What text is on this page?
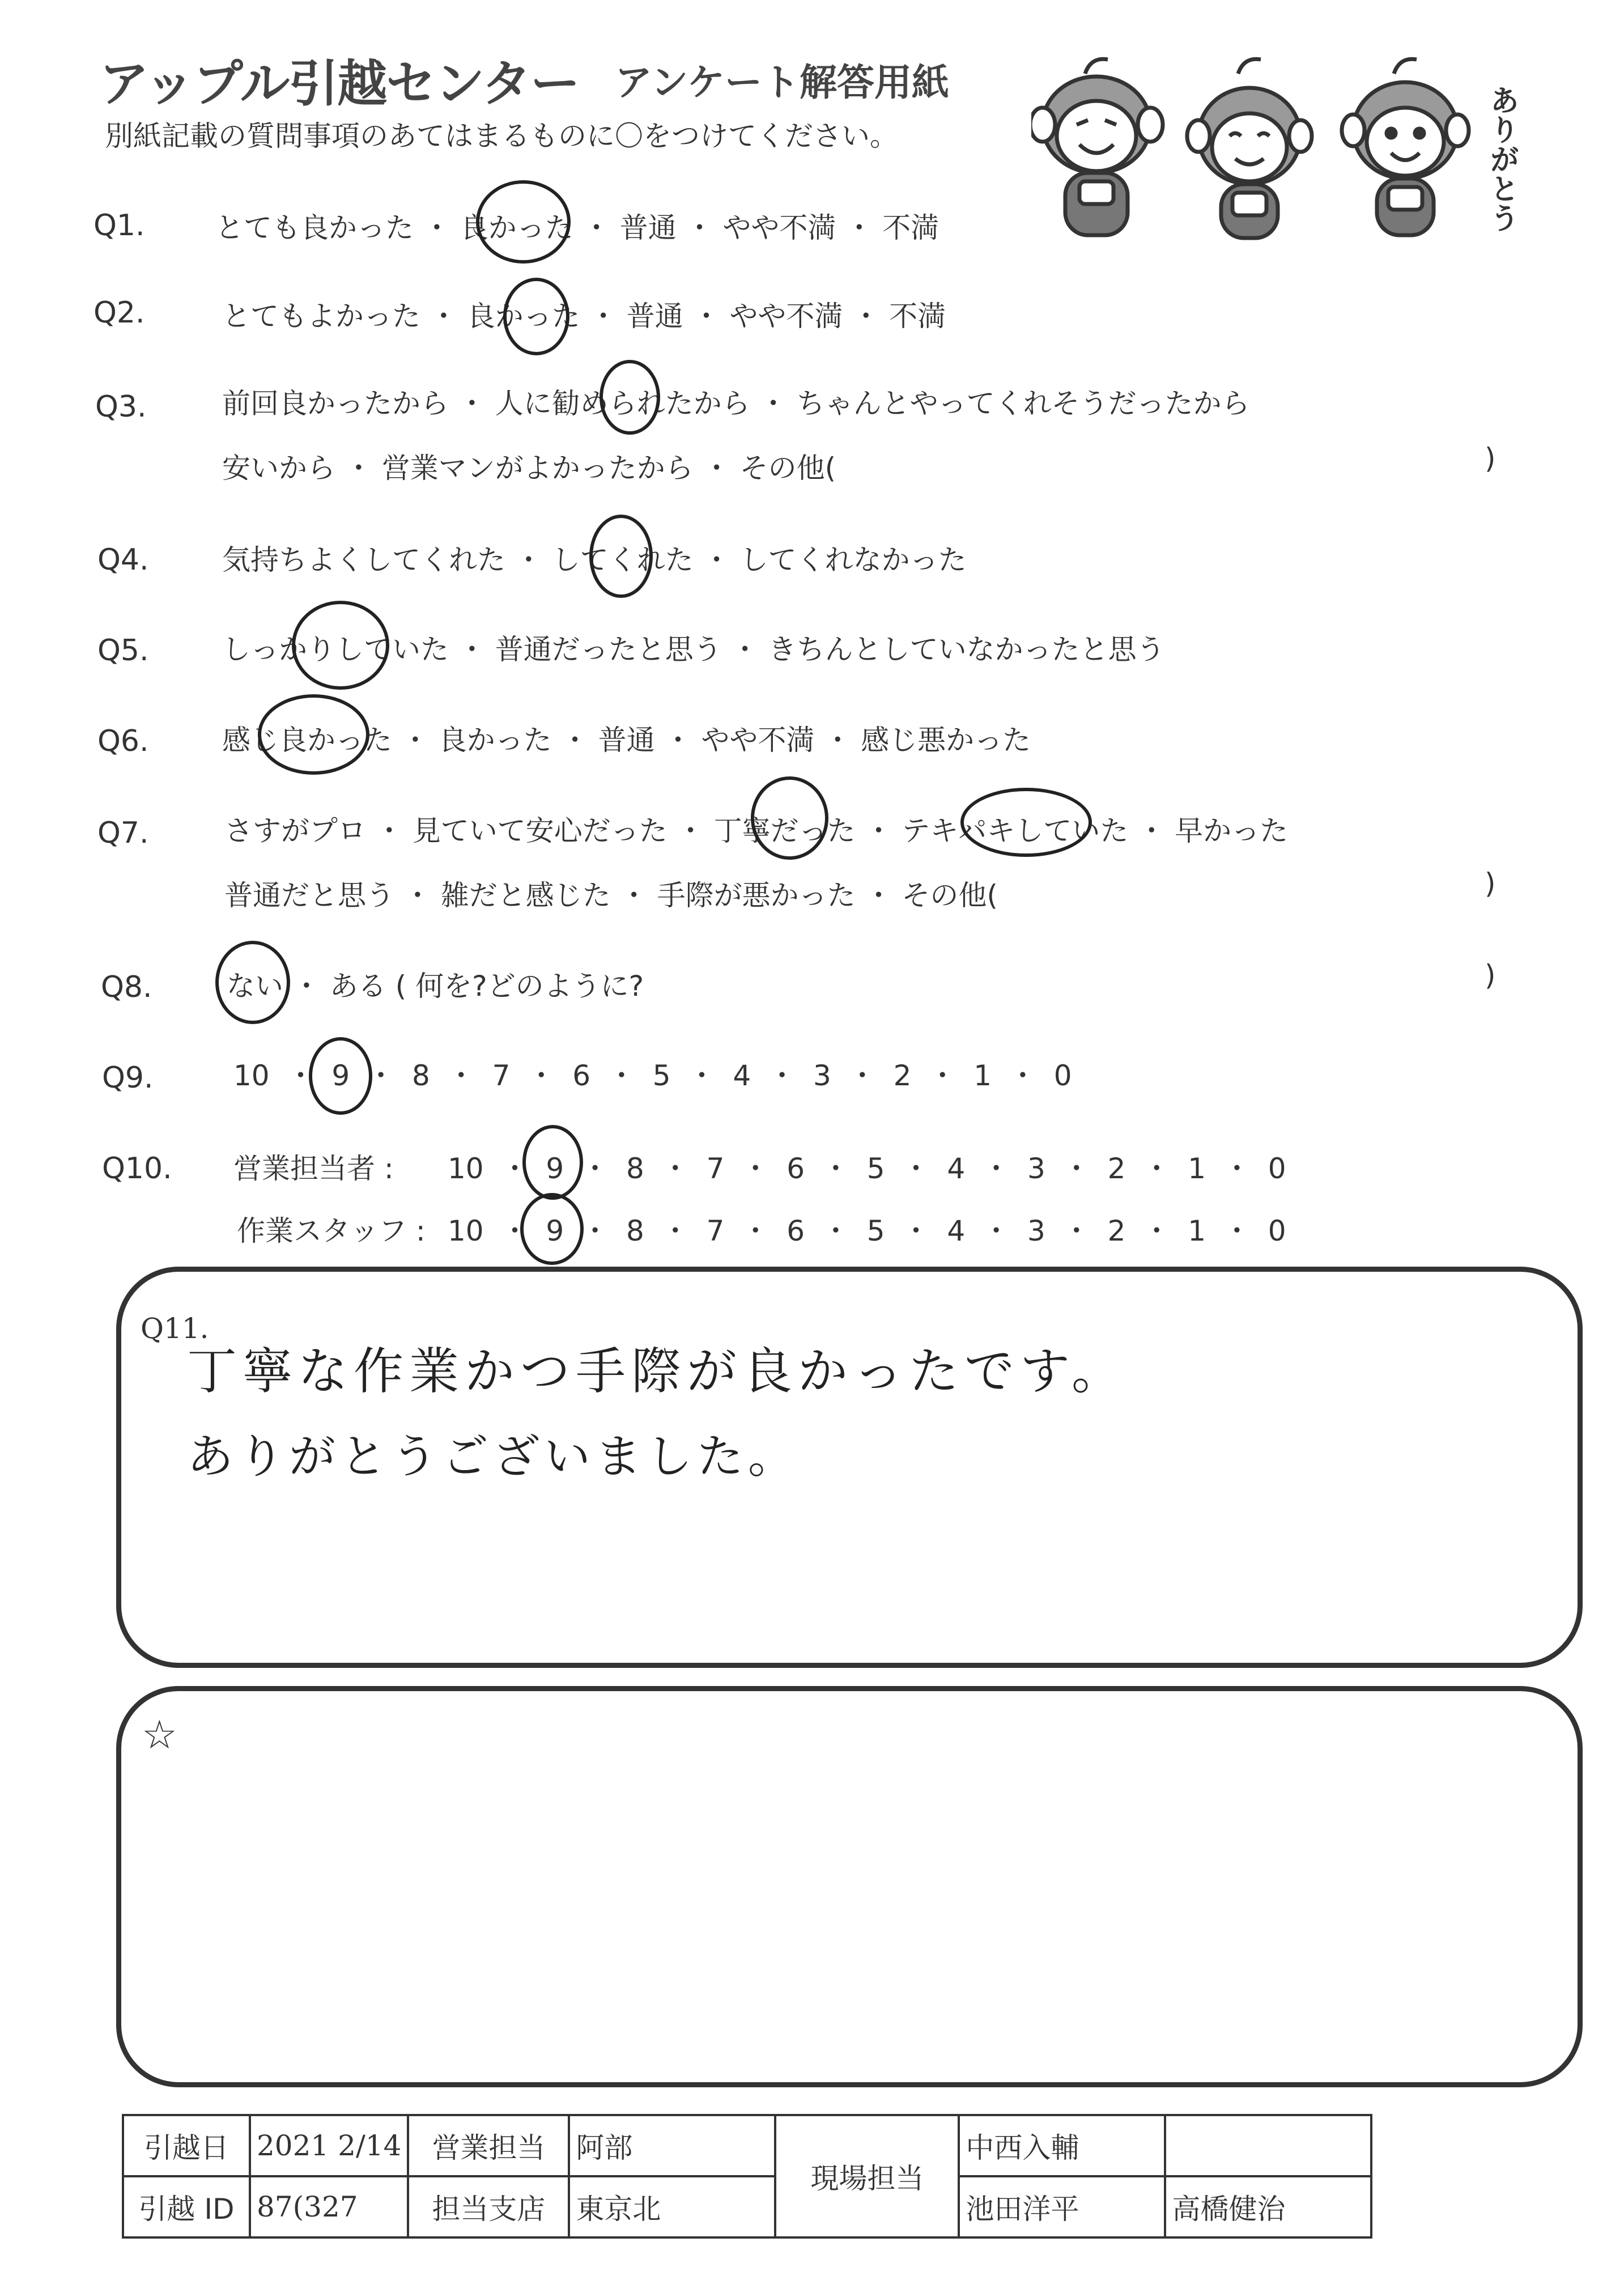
アップル引越センター アンケート解答用紙
別紙記載の質問事項のあてはまるものに〇をつけてください。	ありがとう
Q1. とても良かった ・ 良かった ・ 普通 ・ やや不満 ・ 不満
Q2.	とてもよかった ・ 良かった ・ 普通 ・ やや不満 ・ 不満
Q3.	前回良かったから ・ 人に勧められたから ・ ちゃんとやってくれそうだったから
安いから ・ 営業マンがよかったから ・ その他(	)
Q4.	気持ちよくしてくれた ・ してくれた ・ してくれなかった
Q5.	しっかりしていた ・ 普通だったと思う ・ きちんとしていなかったと思う
Q6.	感じ良かった ・ 良かった ・ 普通 ・ やや不満 ・ 感じ悪かった
Q7.	さすがプロ ・ 見ていて安心だった ・ 丁寧だった ・ テキパキしていた ・ 早かった
普通だと思う ・ 雑だと感じた ・ 手際が悪かった ・ その他(	)
Q8.	ない ・ ある ( 何を?どのように?	)
Q9.	10 ・ 9 ・ 8 ・ 7 ・ 6 ・ 5 ・ 4 ・ 3 ・ 2 ・ 1 ・ 0
Q10. 営業担当者 : 10 ・ 9 ・ 8 ・ 7 ・ 6 ・ 5 ・ 4 ・ 3 ・ 2 ・ 1 ・ 0
作業スタッフ : 10 ・ 9 ・ 8 ・ 7 ・ 6 ・ 5 ・ 4 ・ 3 ・ 2 ・ 1 ・ 0
Q11.
丁寧な作業かつ手際が良かったです。
ありがとうございました。
☆
引越日	2021 2/14	営業担当	阿部	現場担当	中西入輔	
引越 ID	87(327	担当支店	東京北		池田洋平	高橋健治
